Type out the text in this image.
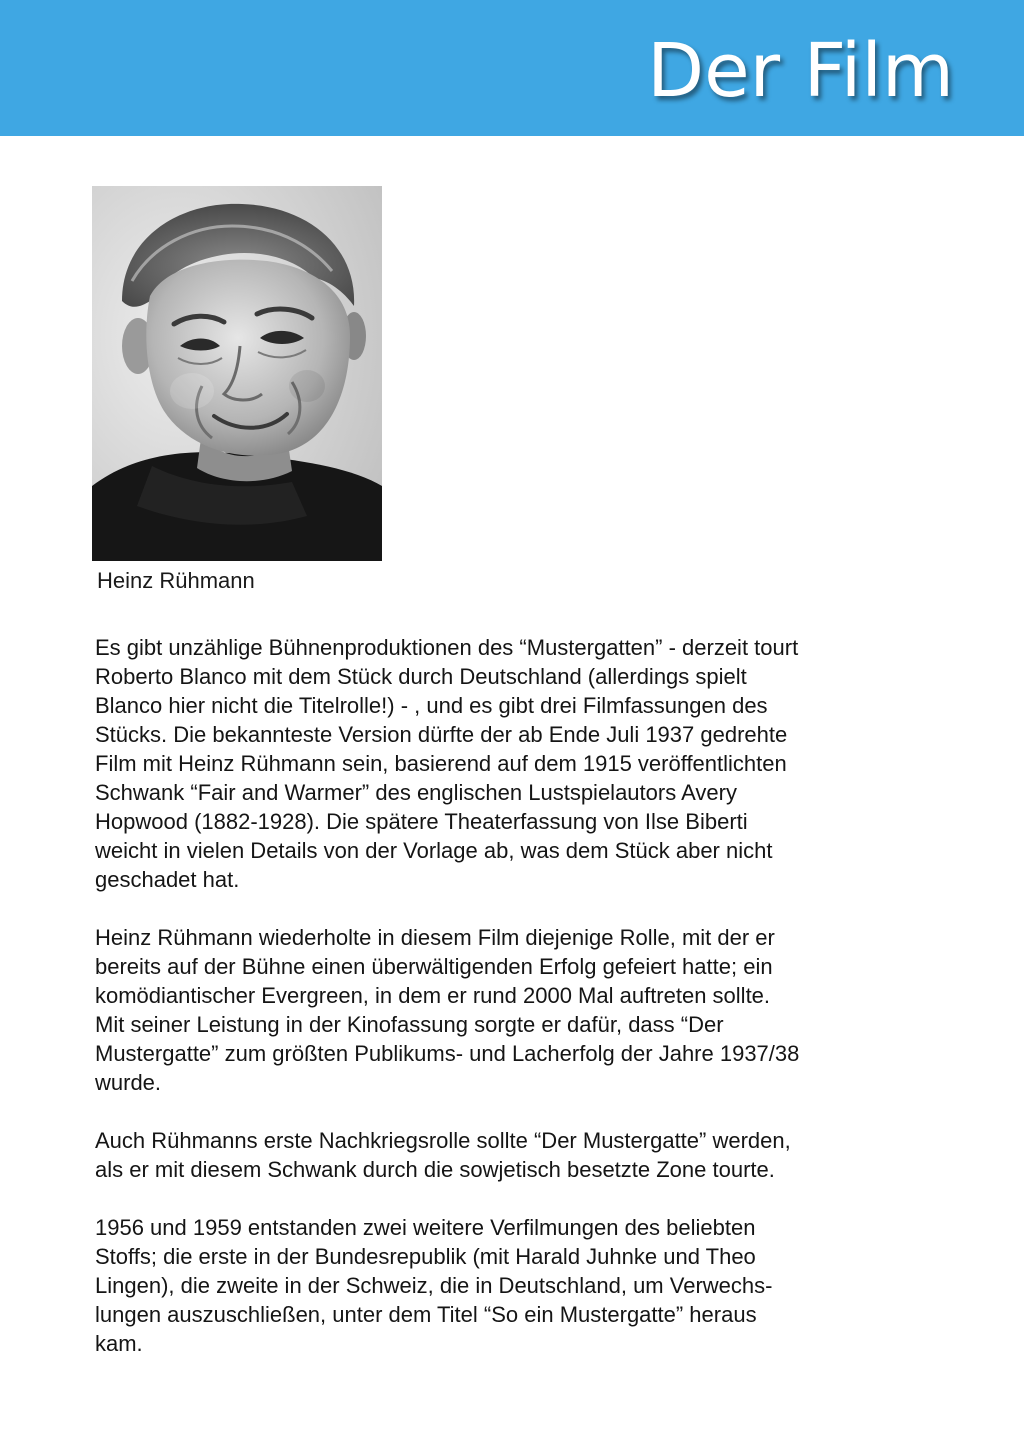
Der Film
Heinz Rühmann

Es gibt unzählige Bühnenproduktionen des “Mustergatten” - derzeit tourt
Roberto Blanco mit dem Stück durch Deutschland (allerdings spielt
Blanco hier nicht die Titelrolle!) - , und es gibt drei Filmfassungen des
Stücks. Die bekannteste Version dürfte der ab Ende Juli 1937 gedrehte
Film mit Heinz Rühmann sein, basierend auf dem 1915 veröffentlichten
Schwank “Fair and Warmer” des englischen Lustspielautors Avery
Hopwood (1882-1928). Die spätere Theaterfassung von Ilse Biberti
weicht in vielen Details von der Vorlage ab, was dem Stück aber nicht
geschadet hat.

Heinz Rühmann wiederholte in diesem Film diejenige Rolle, mit der er
bereits auf der Bühne einen überwältigenden Erfolg gefeiert hatte; ein
komödiantischer Evergreen, in dem er rund 2000 Mal auftreten sollte.
Mit seiner Leistung in der Kinofassung sorgte er dafür, dass “Der
Mustergatte” zum größten Publikums- und Lacherfolg der Jahre 1937/38
wurde.

Auch Rühmanns erste Nachkriegsrolle sollte “Der Mustergatte” werden,
als er mit diesem Schwank durch die sowjetisch besetzte Zone tourte.

1956 und 1959 entstanden zwei weitere Verfilmungen des beliebten
Stoffs; die erste in der Bundesrepublik (mit Harald Juhnke und Theo
Lingen), die zweite in der Schweiz, die in Deutschland, um Verwechs-
lungen auszuschließen, unter dem Titel “So ein Mustergatte” heraus
kam.
